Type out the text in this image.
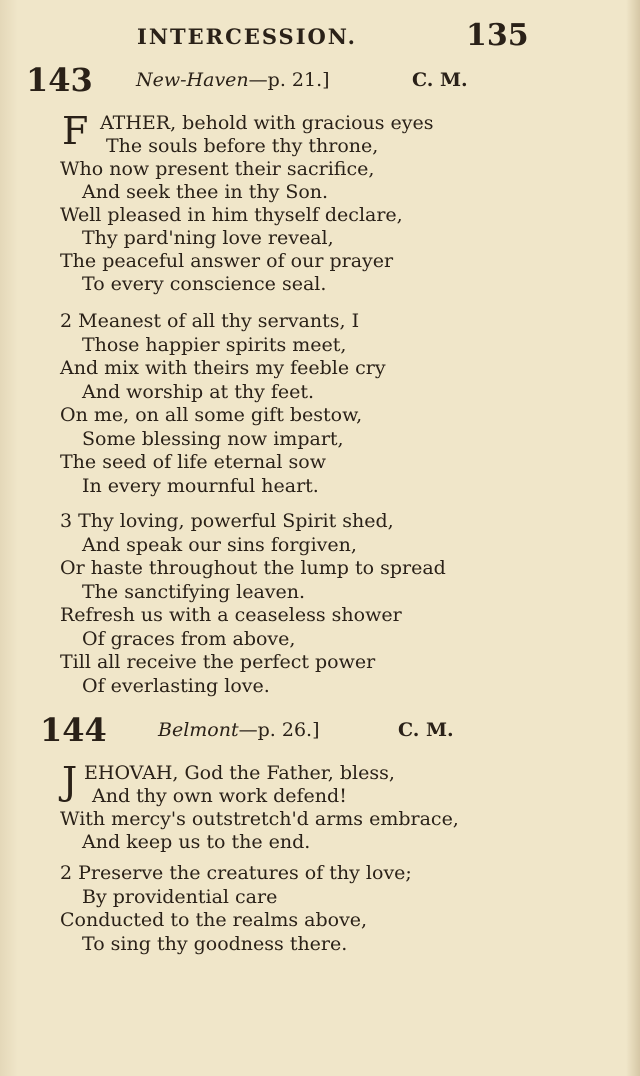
INTERCESSION.	135
143 New-Haven—p. 21.]	C. M.
F ATHER, behold with gracious eyes
The souls before thy throne,
Who now present their sacrifice,
And seek thee in thy Son.
Well pleased in him thyself declare,
Thy pard'ning love reveal,
The peaceful answer of our prayer
To every conscience seal.
2 Meanest of all thy servants, I
Those happier spirits meet,
And mix with theirs my feeble cry
And worship at thy feet.
On me, on all some gift bestow,
Some blessing now impart,
The seed of life eternal sow
In every mournful heart.
3 Thy loving, powerful Spirit shed,
And speak our sins forgiven,
Or haste throughout the lump to spread
The sanctifying leaven.
Refresh us with a ceaseless shower
Of graces from above,
Till all receive the perfect power
Of everlasting love.
144	Belmont—p. 26.]	C. M.
J EHOVAH, God the Father, bless,
And thy own work defend!
With mercy's outstretch'd arms embrace,
And keep us to the end.
2 Preserve the creatures of thy love;
By providential care
Conducted to the realms above,
To sing thy goodness there.
